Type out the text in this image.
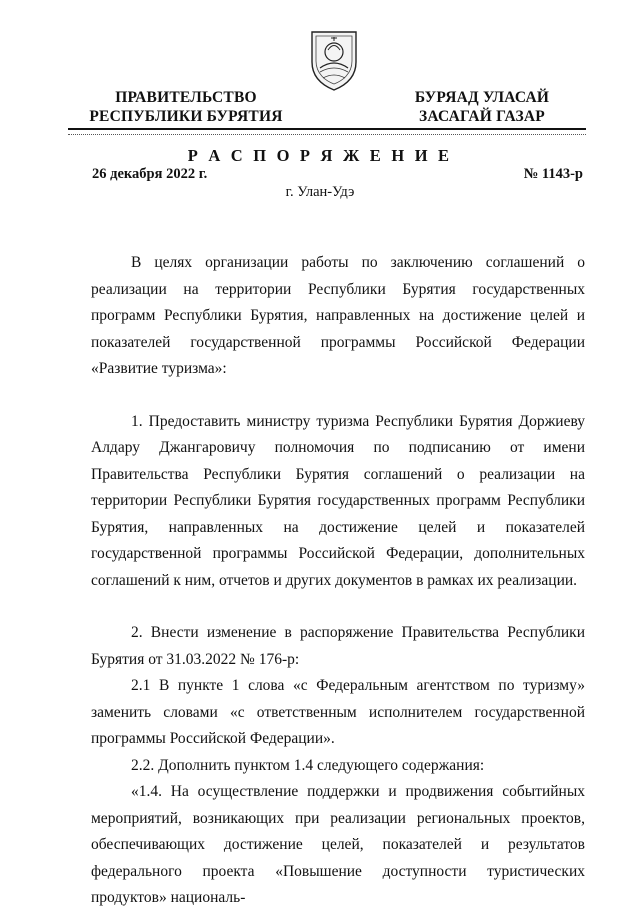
ПРАВИТЕЛЬСТВО
РЕСПУБЛИКИ БУРЯТИЯ
БУРЯАД УЛАСАЙ
ЗАСАГАЙ ГАЗАР
Р А С П О Р Я Ж Е Н И Е
26 декабря 2022 г.	№ 1143-р
г. Улан-Удэ

В целях организации работы по заключению соглашений о реализации на территории Республики Бурятия государственных программ Республики Бурятия, направленных на достижение целей и показателей государственной программы Российской Федерации «Развитие туризма»:

1. Предоставить министру туризма Республики Бурятия Доржиеву Алдару Джангаровичу полномочия по подписанию от имени Правительства Республики Бурятия соглашений о реализации на территории Республики Бурятия государственных программ Республики Бурятия, направленных на достижение целей и показателей государственной программы Российской Федерации, дополнительных соглашений к ним, отчетов и других документов в рамках их реализации.

2. Внести изменение в распоряжение Правительства Республики Бурятия от 31.03.2022 № 176-р:

2.1 В пункте 1 слова «с Федеральным агентством по туризму» заменить словами «с ответственным исполнителем государственной программы Российской Федерации».

2.2. Дополнить пунктом 1.4 следующего содержания:

«1.4. На осуществление поддержки и продвижения событийных мероприятий, возникающих при реализации региональных проектов, обеспечивающих достижение целей, показателей и результатов федерального проекта «Повышение доступности туристических продуктов» националь-
